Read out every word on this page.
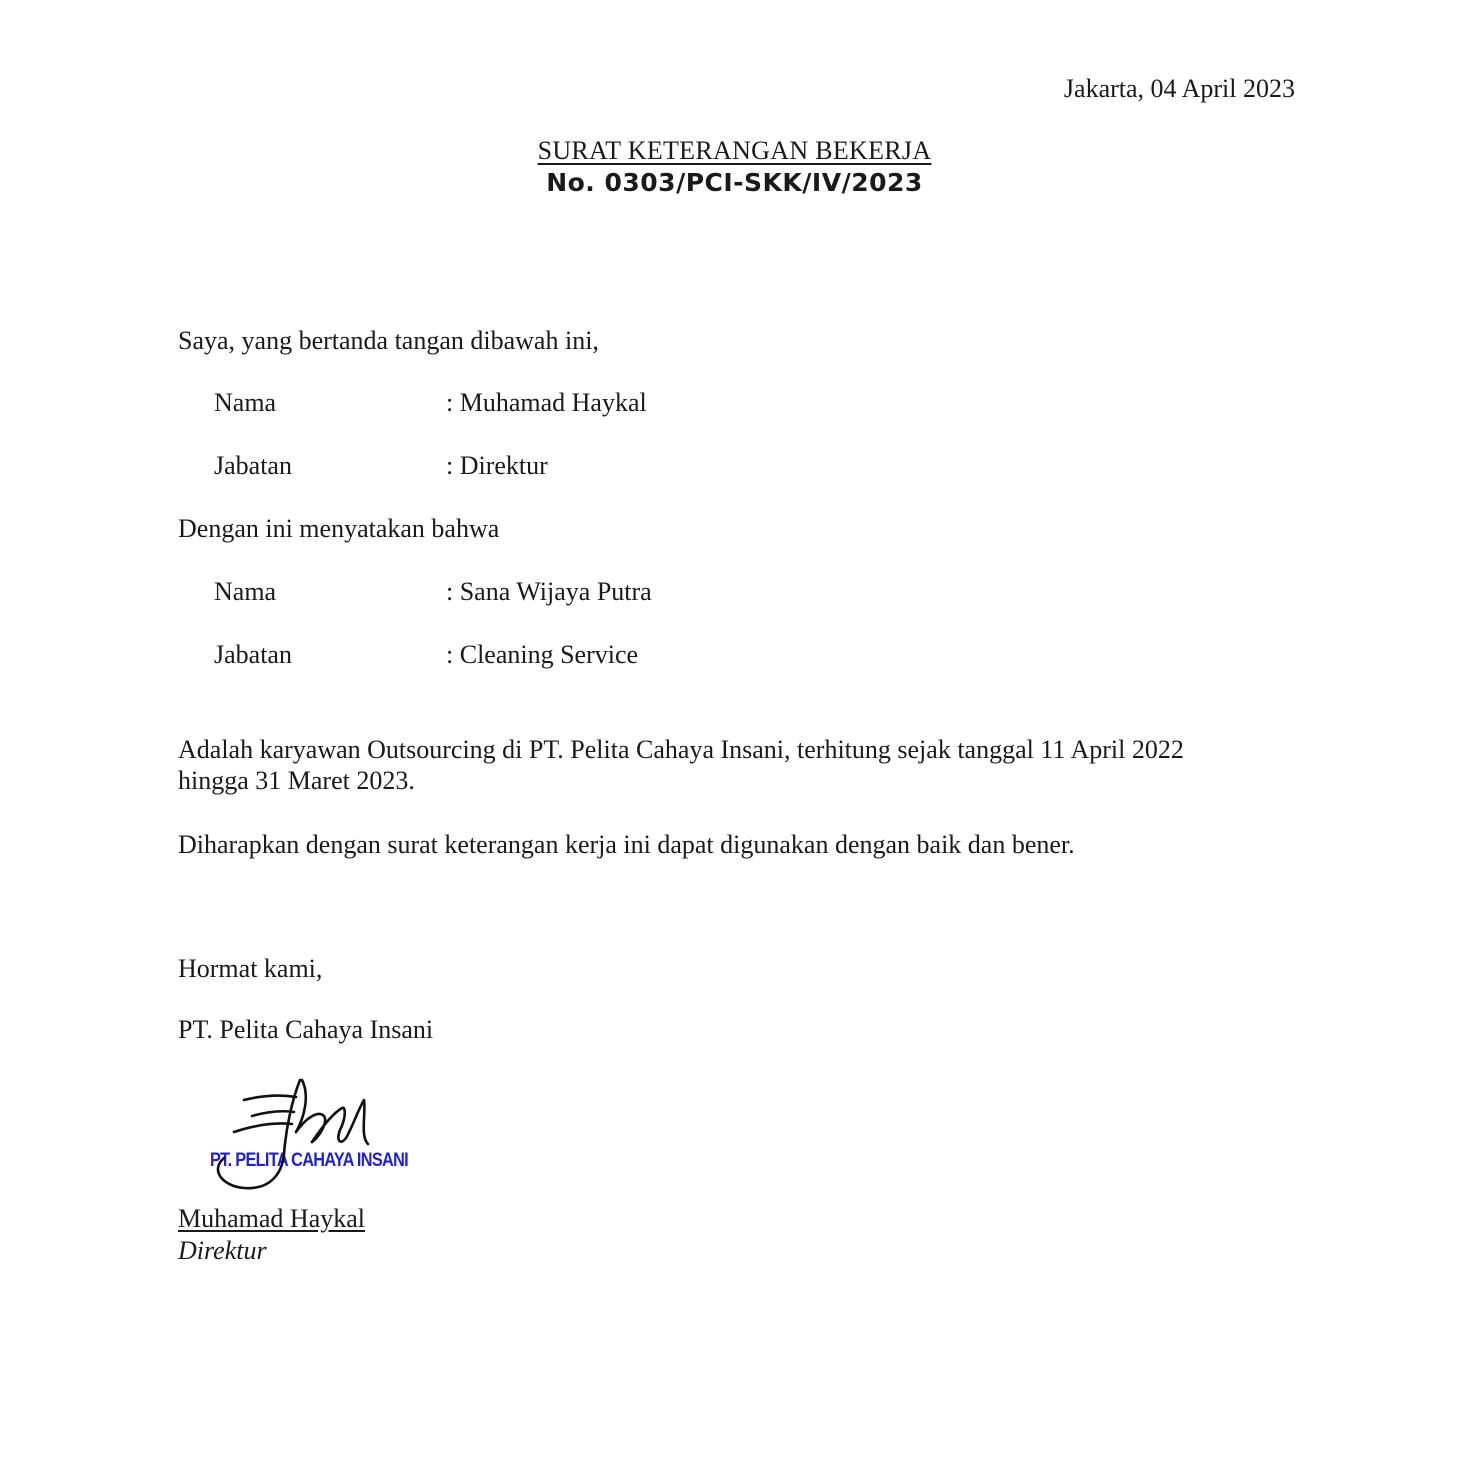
Jakarta, 04 April 2023
SURAT KETERANGAN BEKERJA
No. 0303/PCI-SKK/IV/2023
Saya, yang bertanda tangan dibawah ini,
Nama	: Muhamad Haykal
Jabatan	: Direktur
Dengan ini menyatakan bahwa
Nama	: Sana Wijaya Putra
Jabatan	: Cleaning Service
Adalah karyawan Outsourcing di PT. Pelita Cahaya Insani, terhitung sejak tanggal 11 April 2022 hingga 31 Maret 2023.
Diharapkan dengan surat keterangan kerja ini dapat digunakan dengan baik dan bener.
Hormat kami,
PT. Pelita Cahaya Insani
PT. PELITA CAHAYA INSANI
Muhamad Haykal
Direktur
